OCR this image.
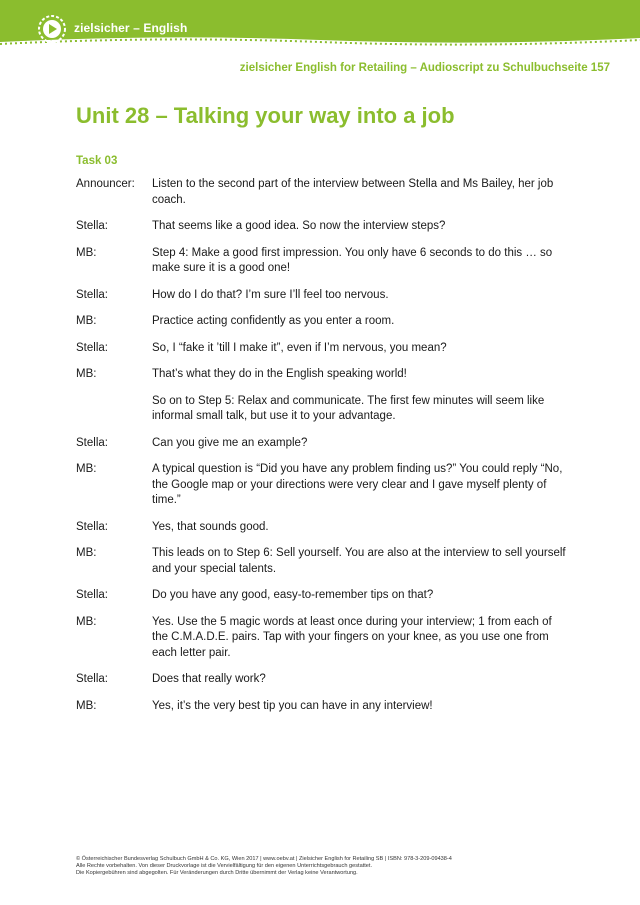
zielsicher – English
zielsicher English for Retailing – Audioscript zu Schulbuchseite 157
Unit 28 – Talking your way into a job
Task 03
Announcer:	Listen to the second part of the interview between Stella and Ms Bailey, her job coach.
Stella:	That seems like a good idea. So now the interview steps?
MB:	Step 4: Make a good first impression. You only have 6 seconds to do this … so make sure it is a good one!
Stella:	How do I do that? I’m sure I’ll feel too nervous.
MB:	Practice acting confidently as you enter a room.
Stella:	So, I “fake it ’till I make it”, even if I’m nervous, you mean?
MB:	That’s what they do in the English speaking world!
So on to Step 5: Relax and communicate. The first few minutes will seem like informal small talk, but use it to your advantage.
Stella:	Can you give me an example?
MB:	A typical question is “Did you have any problem finding us?” You could reply “No, the Google map or your directions were very clear and I gave myself plenty of time.”
Stella:	Yes, that sounds good.
MB:	This leads on to Step 6: Sell yourself. You are also at the interview to sell yourself and your special talents.
Stella:	Do you have any good, easy-to-remember tips on that?
MB:	Yes. Use the 5 magic words at least once during your interview; 1 from each of the C.M.A.D.E. pairs. Tap with your fingers on your knee, as you use one from each letter pair.
Stella:	Does that really work?
MB:	Yes, it’s the very best tip you can have in any interview!
© Österreichischer Bundesverlag Schulbuch GmbH & Co. KG, Wien 2017 | www.oebv.at | Zielsicher English for Retailing SB | ISBN: 978-3-209-09438-4
Alle Rechte vorbehalten. Von dieser Druckvorlage ist die Vervielfältigung für den eigenen Unterrichtsgebrauch gestattet.
Die Kopiergebühren sind abgegolten. Für Veränderungen durch Dritte übernimmt der Verlag keine Verantwortung.
